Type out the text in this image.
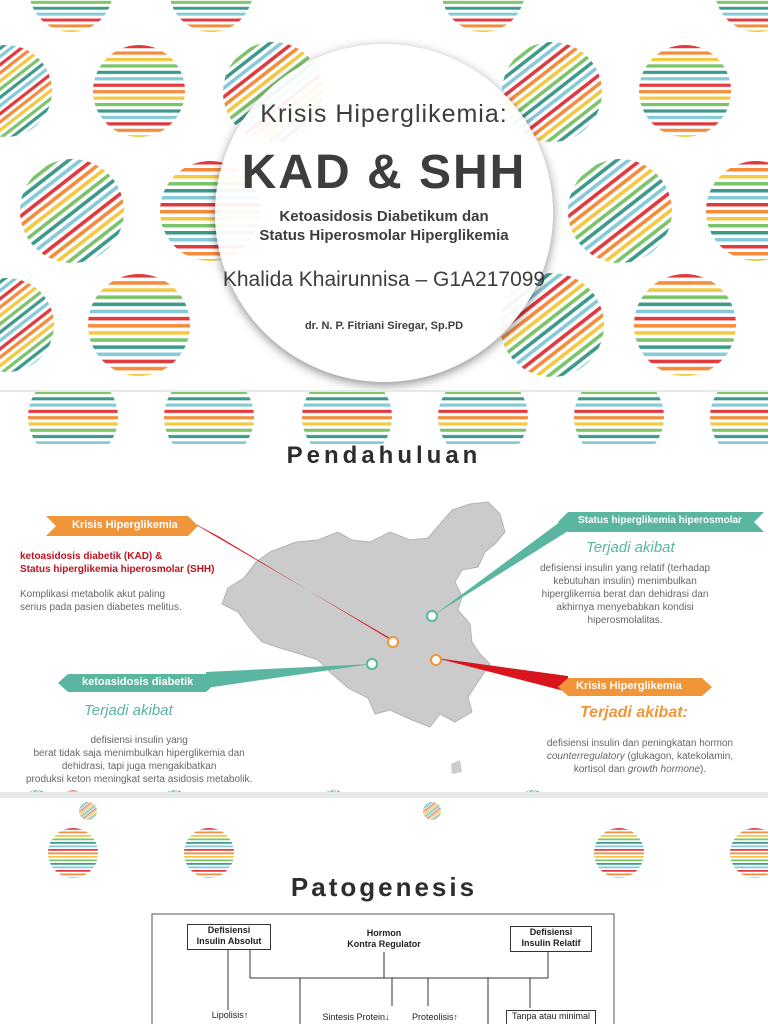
Krisis Hiperglikemia:
KAD & SHH
Ketoasidosis Diabetikum dan
Status Hiperosmolar Hiperglikemia
Khalida Khairunnisa – G1A217099
dr. N. P. Fitriani Siregar, Sp.PD
Pendahuluan
Krisis Hiperglikemia
ketoasidosis diabetik (KAD) &
Status hiperglikemia hiperosmolar (SHH)
Komplikasi metabolik akut paling
serius pada pasien diabetes melitus.
Status hiperglikemia hiperosmolar
Terjadi akibat
defisiensi insulin yang relatif (terhadap
kebutuhan insulin) menimbulkan
hiperglikemia berat dan dehidrasi dan
akhirnya menyebabkan kondisi
hiperosmolalitas.
ketoasidosis diabetik
Terjadi akibat
defisiensi insulin yang
berat tidak saja menimbulkan hiperglikemia dan
dehidrasi, tapi juga mengakibatkan
produksi keton meningkat serta asidosis metabolik.
Krisis Hiperglikemia
Terjadi akibat:
defisiensi insulin dan peningkatan hormon
counterregulatory (glukagon, katekolamin,
kortisol dan growth hormone).
Patogenesis
Defisiensi
Insulin Absolut
Hormon
Kontra Regulator
Defisiensi
Insulin Relatif
Lipolisis↑	Sintesis Protein↓	Proteolisis↑	Tanpa atau minimal
